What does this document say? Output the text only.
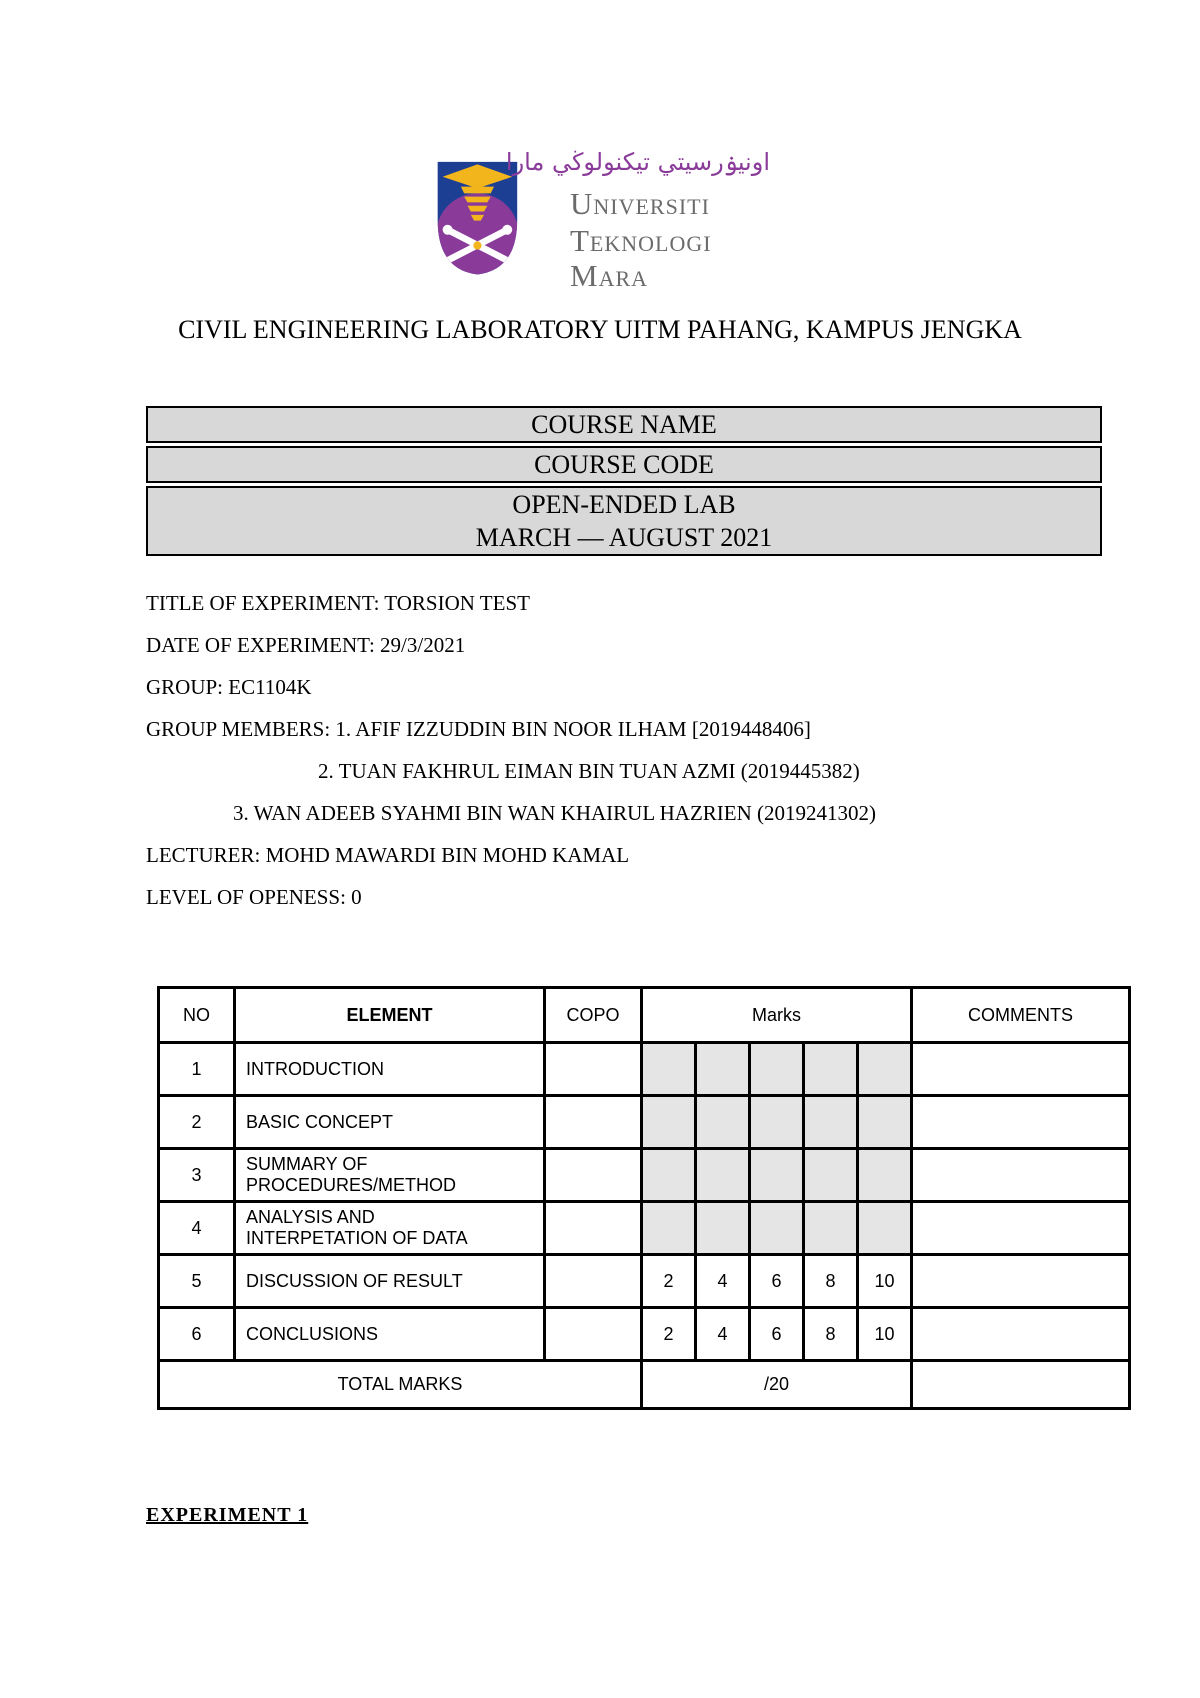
اونيۏرسيتي تيكنولوڬي مارا
Universiti
Teknologi
Mara
CIVIL ENGINEERING LABORATORY UITM PAHANG, KAMPUS JENGKA
COURSE NAME
COURSE CODE
OPEN-ENDED LAB
MARCH — AUGUST 2021
TITLE OF EXPERIMENT: TORSION TEST
DATE OF EXPERIMENT: 29/3/2021
GROUP: EC1104K
GROUP MEMBERS: 1. AFIF IZZUDDIN BIN NOOR ILHAM [2019448406]
2. TUAN FAKHRUL EIMAN BIN TUAN AZMI (2019445382)
3. WAN ADEEB SYAHMI BIN WAN KHAIRUL HAZRIEN (2019241302)
LECTURER: MOHD MAWARDI BIN MOHD KAMAL
LEVEL OF OPENESS: 0
NO	ELEMENT	COPO	Marks					COMMENTS
1	INTRODUCTION							
2	BASIC CONCEPT							
3	SUMMARY OF
PROCEDURES/METHOD							

4	ANALYSIS AND
INTERPETATION OF DATA							

5	DISCUSSION OF RESULT		2	4	6	8	10	
6	CONCLUSIONS		2	4	6	8	10	
TOTAL MARKS			/20					
EXPERIMENT 1
